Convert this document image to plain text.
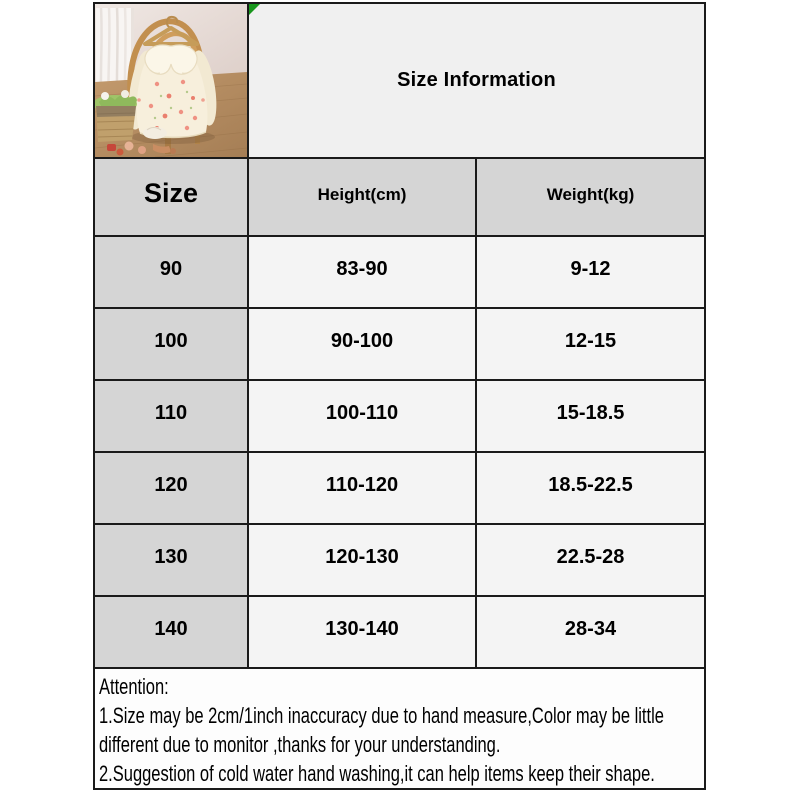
Size Information
Size	Height(cm)	Weight(kg)
90	83-90	9-12
100	90-100	12-15
110	100-110	15-18.5
120	110-120	18.5-22.5
130	120-130	22.5-28
140	130-140	28-34
Attention:
1.Size may be 2cm/1inch inaccuracy due to hand measure,Color may be little
different due to monitor ,thanks for your understanding.
2.Suggestion of cold water hand washing,it can help items keep their shape.
